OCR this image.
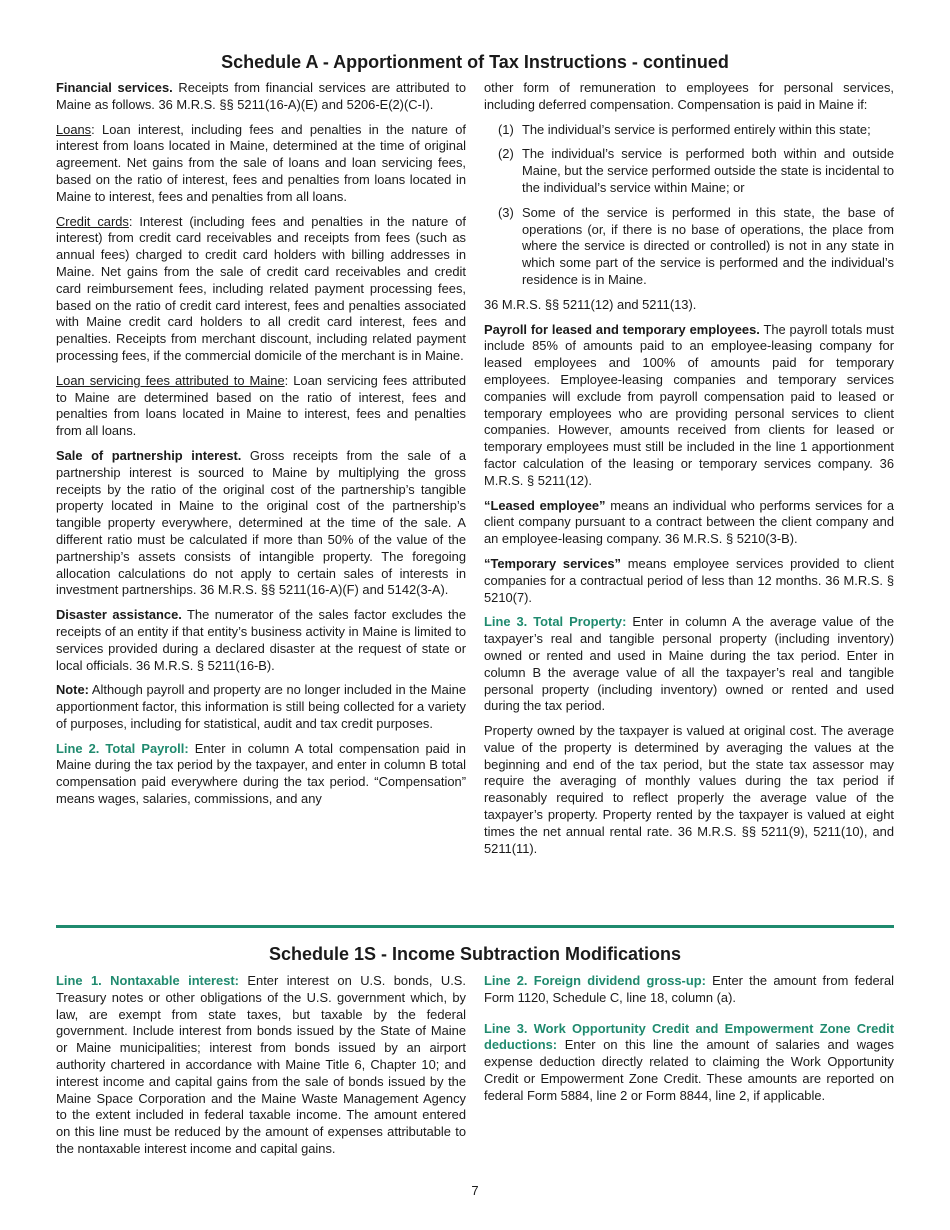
Schedule A - Apportionment of Tax Instructions - continued

Financial services. Receipts from financial services are attributed to Maine as follows. 36 M.R.S. §§ 5211(16-A)(E) and 5206-E(2)(C-I).

Loans: Loan interest, including fees and penalties in the nature of interest from loans located in Maine, determined at the time of original agreement. Net gains from the sale of loans and loan servicing fees, based on the ratio of interest, fees and penalties from loans located in Maine to interest, fees and penalties from all loans.

Credit cards: Interest (including fees and penalties in the nature of interest) from credit card receivables and receipts from fees (such as annual fees) charged to credit card holders with billing addresses in Maine. Net gains from the sale of credit card receivables and credit card reimbursement fees, including related payment processing fees, based on the ratio of credit card interest, fees and penalties associated with Maine credit card holders to all credit card interest, fees and penalties. Receipts from merchant discount, including related payment processing fees, if the commercial domicile of the merchant is in Maine.

Loan servicing fees attributed to Maine: Loan servicing fees attributed to Maine are determined based on the ratio of interest, fees and penalties from loans located in Maine to interest, fees and penalties from all loans.

Sale of partnership interest. Gross receipts from the sale of a partnership interest is sourced to Maine by multiplying the gross receipts by the ratio of the original cost of the partnership’s tangible property located in Maine to the original cost of the partnership’s tangible property everywhere, determined at the time of the sale. A different ratio must be calculated if more than 50% of the value of the partnership’s assets consists of intangible property. The foregoing allocation calculations do not apply to certain sales of interests in investment partnerships. 36 M.R.S. §§ 5211(16-A)(F) and 5142(3-A).

Disaster assistance. The numerator of the sales factor excludes the receipts of an entity if that entity’s business activity in Maine is limited to services provided during a declared disaster at the request of state or local officials. 36 M.R.S. § 5211(16-B).

Note: Although payroll and property are no longer included in the Maine apportionment factor, this information is still being collected for a variety of purposes, including for statistical, audit and tax credit purposes.

Line 2. Total Payroll: Enter in column A total compensation paid in Maine during the tax period by the taxpayer, and enter in column B total compensation paid everywhere during the tax period. “Compensation” means wages, salaries, commissions, and any

other form of remuneration to employees for personal services, including deferred compensation. Compensation is paid in Maine if:

(1) The individual’s service is performed entirely within this state;
(2) The individual’s service is performed both within and outside Maine, but the service performed outside the state is incidental to the individual’s service within Maine; or
(3) Some of the service is performed in this state, the base of operations (or, if there is no base of operations, the place from where the service is directed or controlled) is not in any state in which some part of the service is performed and the individual’s residence is in Maine.

36 M.R.S. §§ 5211(12) and 5211(13).

Payroll for leased and temporary employees. The payroll totals must include 85% of amounts paid to an employee-leasing company for leased employees and 100% of amounts paid for temporary employees. Employee-leasing companies and temporary services companies will exclude from payroll compensation paid to leased or temporary employees who are providing personal services to client companies. However, amounts received from clients for leased or temporary employees must still be included in the line 1 apportionment factor calculation of the leasing or temporary services company. 36 M.R.S. § 5211(12).

“Leased employee” means an individual who performs services for a client company pursuant to a contract between the client company and an employee-leasing company. 36 M.R.S. § 5210(3-B).

“Temporary services” means employee services provided to client companies for a contractual period of less than 12 months. 36 M.R.S. § 5210(7).

Line 3. Total Property: Enter in column A the average value of the taxpayer’s real and tangible personal property (including inventory) owned or rented and used in Maine during the tax period. Enter in column B the average value of all the taxpayer’s real and tangible personal property (including inventory) owned or rented and used during the tax period.

Property owned by the taxpayer is valued at original cost. The average value of the property is determined by averaging the values at the beginning and end of the tax period, but the state tax assessor may require the averaging of monthly values during the tax period if reasonably required to reflect properly the average value of the taxpayer’s property. Property rented by the taxpayer is valued at eight times the net annual rental rate. 36 M.R.S. §§ 5211(9), 5211(10), and 5211(11).

Schedule 1S - Income Subtraction Modifications

Line 1. Nontaxable interest: Enter interest on U.S. bonds, U.S. Treasury notes or other obligations of the U.S. government which, by law, are exempt from state taxes, but taxable by the federal government. Include interest from bonds issued by the State of Maine or Maine municipalities; interest from bonds issued by an airport authority chartered in accordance with Maine Title 6, Chapter 10; and interest income and capital gains from the sale of bonds issued by the Maine Space Corporation and the Maine Waste Management Agency to the extent included in federal taxable income. The amount entered on this line must be reduced by the amount of expenses attributable to the nontaxable interest income and capital gains.

Line 2. Foreign dividend gross-up: Enter the amount from federal Form 1120, Schedule C, line 18, column (a).

Line 3. Work Opportunity Credit and Empowerment Zone Credit deductions: Enter on this line the amount of salaries and wages expense deduction directly related to claiming the Work Opportunity Credit or Empowerment Zone Credit. These amounts are reported on federal Form 5884, line 2 or Form 8844, line 2, if applicable.

7
